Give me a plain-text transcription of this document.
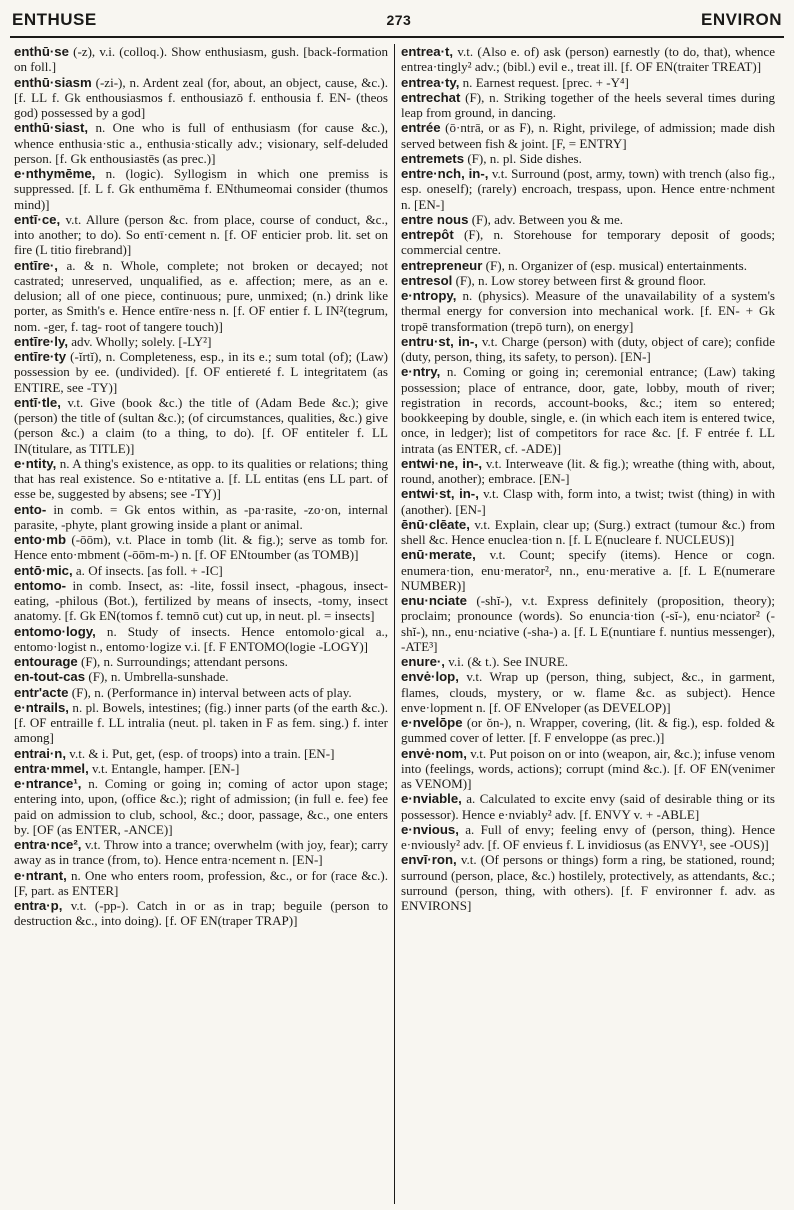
ENTHUSE	273	ENVIRON

enthū·se (-z), v.i. (colloq.). Show enthusiasm, gush. [back-formation on foll.]

enthū·siasm (-zi-), n. Ardent zeal (for, about, an object, cause, &c.). [f. LL f. Gk enthousiasmos f. enthousiazō f. enthousia f. EN- (theos god) possessed by a god]

enthū·siast, n. One who is full of enthusiasm (for cause &c.), whence enthusia·stic a., enthusia·stically adv.; visionary, self-deluded person. [f. Gk enthousiastēs (as prec.)]

e·nthymēme, n. (logic). Syllogism in which one premiss is suppressed. [f. L f. Gk enthumēma f. ENthumeomai consider (thumos mind)]

entī·ce, v.t. Allure (person &c. from place, course of conduct, &c., into another; to do). So entī·cement n. [f. OF enticier prob. lit. set on fire (L titio firebrand)]

entīre·, a. & n. Whole, complete; not broken or decayed; not castrated; unreserved, unqualified, as e. affection; mere, as an e. delusion; all of one piece, continuous; pure, unmixed; (n.) drink like porter, as Smith's e. Hence entīre·ness n. [f. OF entier f. L IN²(tegrum, nom. -ger, f. tag- root of tangere touch)]

entīre·ly, adv. Wholly; solely. [-LY²]

entīre·ty (-ĭrtĭ), n. Completeness, esp., in its e.; sum total (of); (Law) possession by ee. (undivided). [f. OF entiereté f. L integritatem (as ENTIRE, see -TY)]

entī·tle, v.t. Give (book &c.) the title of (Adam Bede &c.); give (person) the title of (sultan &c.); (of circumstances, qualities, &c.) give (person &c.) a claim (to a thing, to do). [f. OF entiteler f. LL IN(titulare, as TITLE)]

e·ntity, n. A thing's existence, as opp. to its qualities or relations; thing that has real existence. So e·ntitative a. [f. LL entitas (ens LL part. of esse be, suggested by absens; see -TY)]

ento- in comb. = Gk entos within, as -pa·rasite, -zo·on, internal parasite, -phyte, plant growing inside a plant or animal.

ento·mb (-ōōm), v.t. Place in tomb (lit. & fig.); serve as tomb for. Hence ento·mbment (-ōōm-m-) n. [f. OF ENtoumber (as TOMB)]

entō·mic, a. Of insects. [as foll. + -IC]

entomo- in comb. Insect, as: -lite, fossil insect, -phagous, insect-eating, -philous (Bot.), fertilized by means of insects, -tomy, insect anatomy. [f. Gk EN(tomos f. temnō cut) cut up, in neut. pl. = insects]

entomo·logy, n. Study of insects. Hence entomolo·gical a., entomo·logist n., entomo·logize v.i. [f. F ENTOMO(logie -LOGY)]

entourage (F), n. Surroundings; attendant persons.

en-tout-cas (F), n. Umbrella-sunshade.

entr'acte (F), n. (Performance in) interval between acts of play.

e·ntrails, n. pl. Bowels, intestines; (fig.) inner parts (of the earth &c.). [f. OF entraille f. LL intralia (neut. pl. taken in F as fem. sing.) f. inter among]

entrai·n, v.t. & i. Put, get, (esp. of troops) into a train. [EN-]

entra·mmel, v.t. Entangle, hamper. [EN-]

e·ntrance¹, n. Coming or going in; coming of actor upon stage; entering into, upon, (office &c.); right of admission; (in full e. fee) fee paid on admission to club, school, &c.; door, passage, &c., one enters by. [OF (as ENTER, -ANCE)]

entra·nce², v.t. Throw into a trance; overwhelm (with joy, fear); carry away as in trance (from, to). Hence entra·ncement n. [EN-]

e·ntrant, n. One who enters room, profession, &c., or for (race &c.). [F, part. as ENTER]

entra·p, v.t. (-pp-). Catch in or as in trap; beguile (person to destruction &c., into doing). [f. OF EN(traper TRAP)]

entrea·t, v.t. (Also e. of) ask (person) earnestly (to do, that), whence entrea·tingly² adv.; (bibl.) evil e., treat ill. [f. OF EN(traiter TREAT)]

entrea·ty, n. Earnest request. [prec. + -Y⁴]

entrechat (F), n. Striking together of the heels several times during leap from ground, in dancing.

entrée (ō·ntrā, or as F), n. Right, privilege, of admission; made dish served between fish & joint. [F, = ENTRY]

entremets (F), n. pl. Side dishes.

entre·nch, in-, v.t. Surround (post, army, town) with trench (also fig., esp. oneself); (rarely) encroach, trespass, upon. Hence entre·nchment n. [EN-]

entre nous (F), adv. Between you & me.

entrepôt (F), n. Storehouse for temporary deposit of goods; commercial centre.

entrepreneur (F), n. Organizer of (esp. musical) entertainments.

entresol (F), n. Low storey between first & ground floor.

e·ntropy, n. (physics). Measure of the unavailability of a system's thermal energy for conversion into mechanical work. [f. EN- + Gk tropē transformation (trepō turn), on energy]

entru·st, in-, v.t. Charge (person) with (duty, object of care); confide (duty, person, thing, its safety, to person). [EN-]

e·ntry, n. Coming or going in; ceremonial entrance; (Law) taking possession; place of entrance, door, gate, lobby, mouth of river; registration in records, account-books, &c.; item so entered; bookkeeping by double, single, e. (in which each item is entered twice, once, in ledger); list of competitors for race &c. [f. F entrée f. LL intrata (as ENTER, cf. -ADE)]

entwi·ne, in-, v.t. Interweave (lit. & fig.); wreathe (thing with, about, round, another); embrace. [EN-]

entwi·st, in-, v.t. Clasp with, form into, a twist; twist (thing) in with (another). [EN-]

ēnū·clēate, v.t. Explain, clear up; (Surg.) extract (tumour &c.) from shell &c. Hence enuclea·tion n. [f. L E(nucleare f. NUCLEUS)]

enū·merate, v.t. Count; specify (items). Hence or cogn. enumera·tion, enu·merator², nn., enu·merative a. [f. L E(numerare NUMBER)]

enu·nciate (-shĭ-), v.t. Express definitely (proposition, theory); proclaim; pronounce (words). So enuncia·tion (-sĭ-), enu·nciator² (-shĭ-), nn., enu·nciative (-sha-) a. [f. L E(nuntiare f. nuntius messenger), -ATE³]

enure·, v.i. (& t.). See INURE.

envė·lop, v.t. Wrap up (person, thing, subject, &c., in garment, flames, clouds, mystery, or w. flame &c. as subject). Hence enve·lopment n. [f. OF ENveloper (as DEVELOP)]

e·nvelōpe (or ŏn-), n. Wrapper, covering, (lit. & fig.), esp. folded & gummed cover of letter. [f. F enveloppe (as prec.)]

envė·nom, v.t. Put poison on or into (weapon, air, &c.); infuse venom into (feelings, words, actions); corrupt (mind &c.). [f. OF EN(venimer as VENOM)]

e·nviable, a. Calculated to excite envy (said of desirable thing or its possessor). Hence e·nviably² adv. [f. ENVY v. + -ABLE]

e·nvious, a. Full of envy; feeling envy of (person, thing). Hence e·nviously² adv. [f. OF envieus f. L invidiosus (as ENVY¹, see -OUS)]

envī·ron, v.t. (Of persons or things) form a ring, be stationed, round; surround (person, place, &c.) hostilely, protectively, as attendants, &c.; surround (person, thing, with others). [f. F environner f. adv. as ENVIRONS]
